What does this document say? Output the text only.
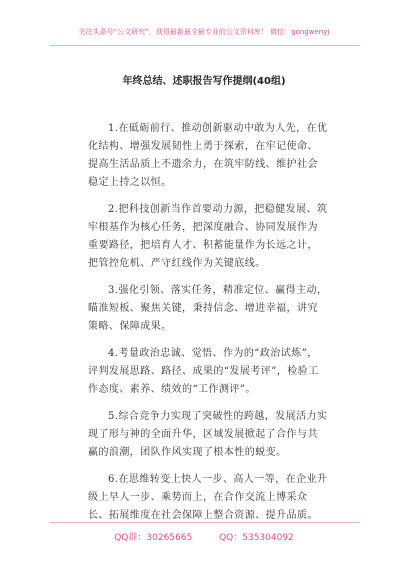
关注头条号“公文研究”，获得最新最全最专业的公文资料库！ 微信：gongwenyj
年终总结、述职报告写作提纲(40组)

1.在砥砺前行、推动创新驱动中敢为人先，在优化结构、增强发展韧性上勇于探索，在牢记使命、提高生活品质上不遗余力，在筑牢防线、维护社会稳定上持之以恒。

2.把科技创新当作首要动力源，把稳健发展、筑牢根基作为核心任务，把深度融合、协同发展作为重要路径，把培育人才、积蓄能量作为长远之计，把管控危机、严守红线作为关键底线。

3.强化引领、落实任务，精准定位、赢得主动，瞄准短板、聚焦关键，秉持信念、增进幸福，讲究策略、保障成果。

4.考量政治忠诚、觉悟、作为的“政治试炼”，评判发展思路、路径、成果的“发展考评”，检验工作态度、素养、绩效的“工作测评”。

5.综合竞争力实现了突破性的跨越，发展活力实现了形与神的全面升华，区域发展掀起了合作与共赢的浪潮，团队作风实现了根本性的蜕变。

6.在思维转变上快人一步、高人一等，在企业升级上早人一步、乘势而上，在合作交流上博采众长、拓展维度在社会保障上整合资源、提升品质。

QQ群：30265665	QQ：535304092
